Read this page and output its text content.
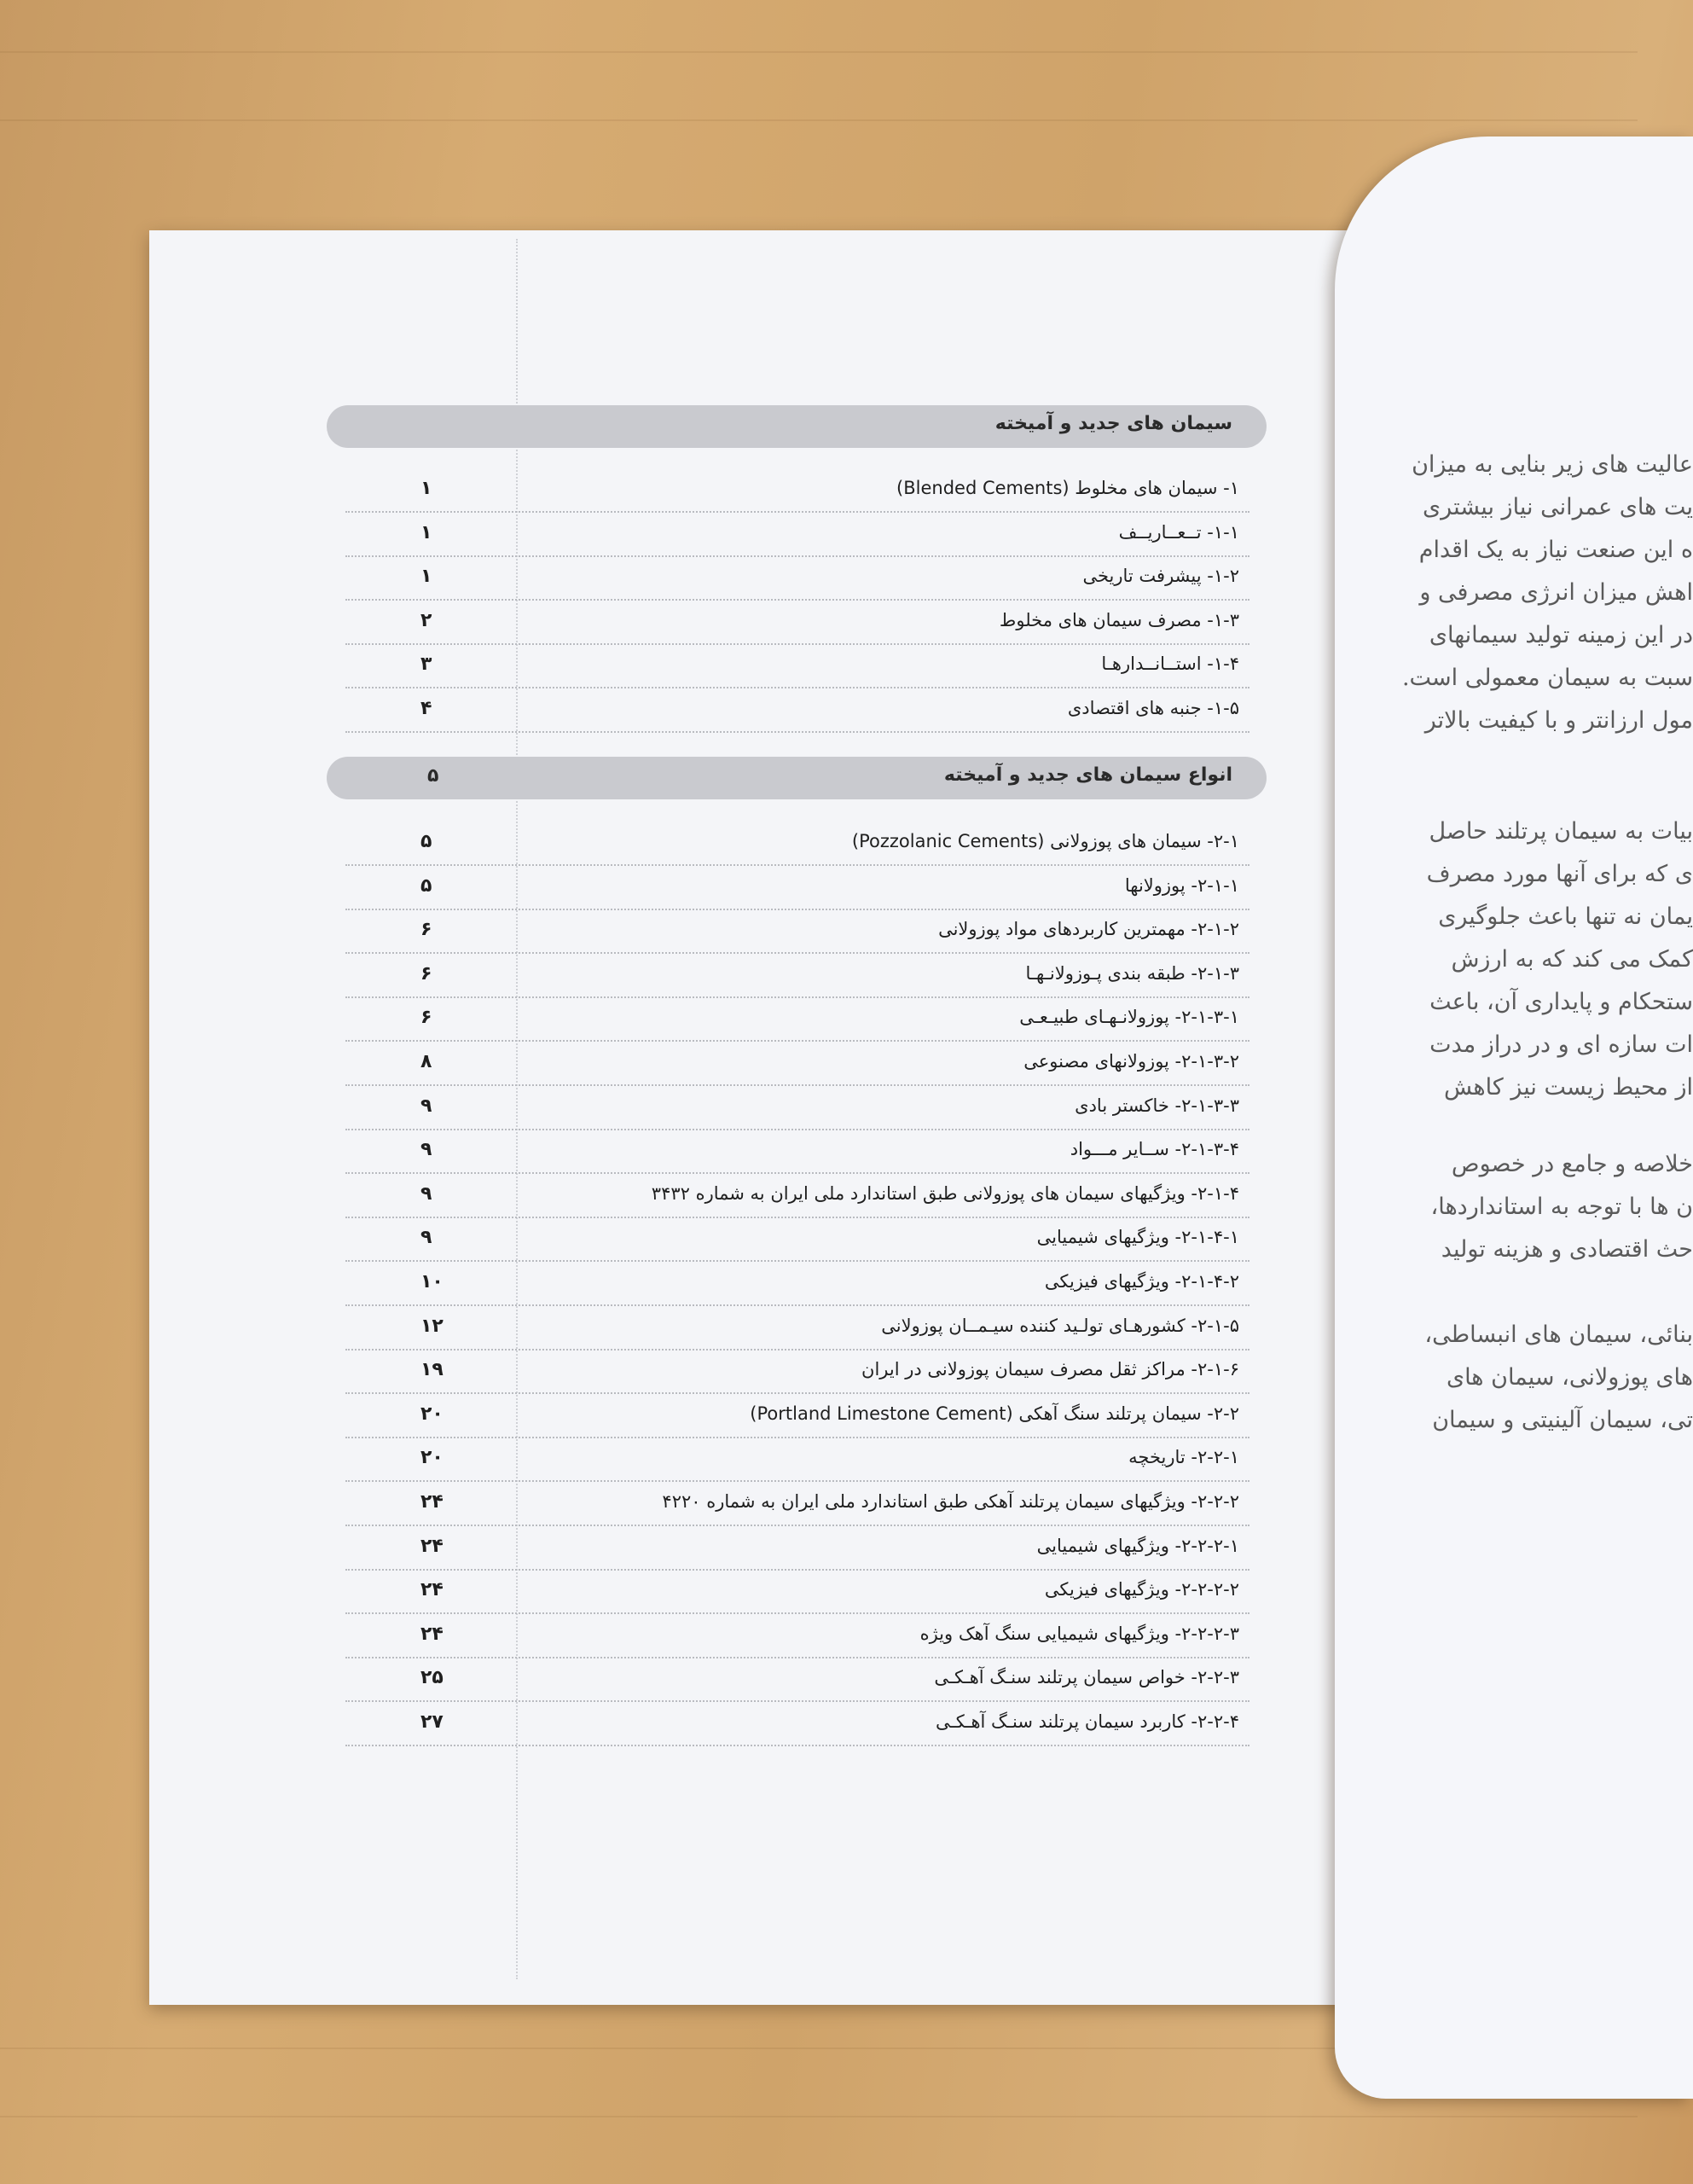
عالیت های زیر بنایی به میزان
یت های عمرانی نیاز بیشتری
ه این صنعت نیاز به یک اقدام
اهش میزان انرژی مصرفی و
در این زمینه تولید سیمانهای
سبت به سیمان معمولی است.
مول ارزانتر و با کیفیت بالاتر
بیات به سیمان پرتلند حاصل
ی که برای آنها مورد مصرف
یمان نه تنها باعث جلوگیری
کمک می کند که به ارزش
ستحکام و پایداری آن، باعث
ات سازه ای و در دراز مدت
از محیط زیست نیز کاهش
خلاصه و جامع در خصوص
ن ها با توجه به استانداردها،
حث اقتصادی و هزینه تولید
بنائی، سیمان های انبساطی،
های پوزولانی، سیمان های
تی، سیمان آلینیتی و سیمان
سیمان های جدید و آمیخته
۱- سیمان های مخلوط (Blended Cements)
۱
۱-۱- تــعــاریــف
۱
۱-۲- پیشرفت تاریخی
۱
۱-۳- مصرف سیمان های مخلوط
۲
۱-۴- استــانــدارهـا
۳
۱-۵- جنبه های اقتصادی
۴
انواع سیمان های جدید و آمیخته
۵
۲-۱- سیمان های پوزولانی (Pozzolanic Cements)
۵
۲-۱-۱- پوزولانها
۵
۲-۱-۲- مهمترین کاربردهای مواد پوزولانی
۶
۲-۱-۳- طبقه بندی پـوزولانـهـا
۶
۲-۱-۳-۱- پوزولانـهـای طبیـعـی
۶
۲-۱-۳-۲- پوزولانهای مصنوعی
۸
۲-۱-۳-۳- خاکستر بادی
۹
۲-۱-۳-۴- ســایر مـــواد
۹
۲-۱-۴- ویژگیهای سیمان های پوزولانی طبق استاندارد ملی ایران به شماره ۳۴۳۲
۹
۲-۱-۴-۱- ویژگیهای شیمیایی
۹
۲-۱-۴-۲- ویژگیهای فیزیکی
۱۰
۲-۱-۵- کشورهـای تولـید کننده سیـمــان پوزولانی
۱۲
۲-۱-۶- مراکز ثقل مصرف سیمان پوزولانی در ایران
۱۹
۲-۲- سیمان پرتلند سنگ آهکی (Portland Limestone Cement)
۲۰
۲-۲-۱- تاریخچه
۲۰
۲-۲-۲- ویژگیهای سیمان پرتلند آهکی طبق استاندارد ملی ایران به شماره ۴۲۲۰
۲۴
۲-۲-۲-۱- ویژگیهای شیمیایی
۲۴
۲-۲-۲-۲- ویژگیهای فیزیکی
۲۴
۲-۲-۲-۳- ویژگیهای شیمیایی سنگ آهک ویژه
۲۴
۲-۲-۳- خواص سیمان پرتلند سنـگ آهـکـی
۲۵
۲-۲-۴- کاربرد سیمان پرتلند سنـگ آهـکـی
۲۷
